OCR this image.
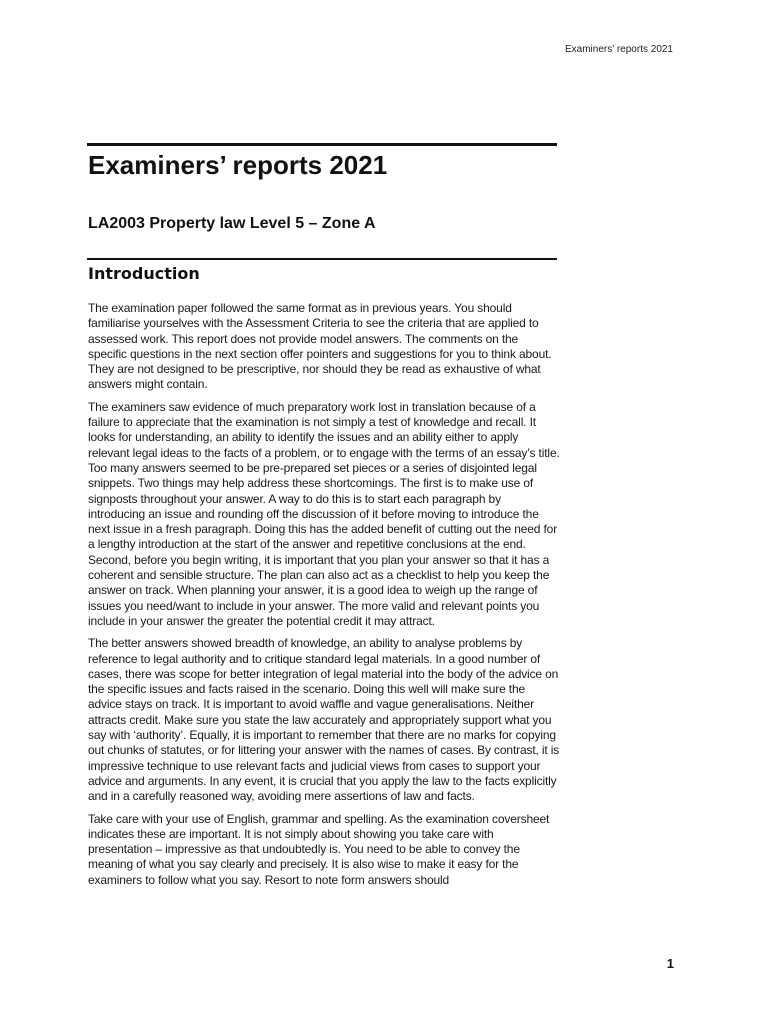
Examiners’ reports 2021
Examiners’ reports 2021
LA2003 Property law Level 5 – Zone A
Introduction

The examination paper followed the same format as in previous years. You should familiarise yourselves with the Assessment Criteria to see the criteria that are applied to assessed work. This report does not provide model answers. The comments on the specific questions in the next section offer pointers and suggestions for you to think about. They are not designed to be prescriptive, nor should they be read as exhaustive of what answers might contain.

The examiners saw evidence of much preparatory work lost in translation because of a failure to appreciate that the examination is not simply a test of knowledge and recall. It looks for understanding, an ability to identify the issues and an ability either to apply relevant legal ideas to the facts of a problem, or to engage with the terms of an essay’s title. Too many answers seemed to be pre-prepared set pieces or a series of disjointed legal snippets. Two things may help address these shortcomings. The first is to make use of signposts throughout your answer. A way to do this is to start each paragraph by introducing an issue and rounding off the discussion of it before moving to introduce the next issue in a fresh paragraph. Doing this has the added benefit of cutting out the need for a lengthy introduction at the start of the answer and repetitive conclusions at the end. Second, before you begin writing, it is important that you plan your answer so that it has a coherent and sensible structure. The plan can also act as a checklist to help you keep the answer on track. When planning your answer, it is a good idea to weigh up the range of issues you need/want to include in your answer. The more valid and relevant points you include in your answer the greater the potential credit it may attract.

The better answers showed breadth of knowledge, an ability to analyse problems by reference to legal authority and to critique standard legal materials. In a good number of cases, there was scope for better integration of legal material into the body of the advice on the specific issues and facts raised in the scenario. Doing this well will make sure the advice stays on track. It is important to avoid waffle and vague generalisations. Neither attracts credit. Make sure you state the law accurately and appropriately support what you say with ‘authority’. Equally, it is important to remember that there are no marks for copying out chunks of statutes, or for littering your answer with the names of cases. By contrast, it is impressive technique to use relevant facts and judicial views from cases to support your advice and arguments. In any event, it is crucial that you apply the law to the facts explicitly and in a carefully reasoned way, avoiding mere assertions of law and facts.

Take care with your use of English, grammar and spelling. As the examination coversheet indicates these are important. It is not simply about showing you take care with presentation – impressive as that undoubtedly is. You need to be able to convey the meaning of what you say clearly and precisely. It is also wise to make it easy for the examiners to follow what you say. Resort to note form answers should

1
